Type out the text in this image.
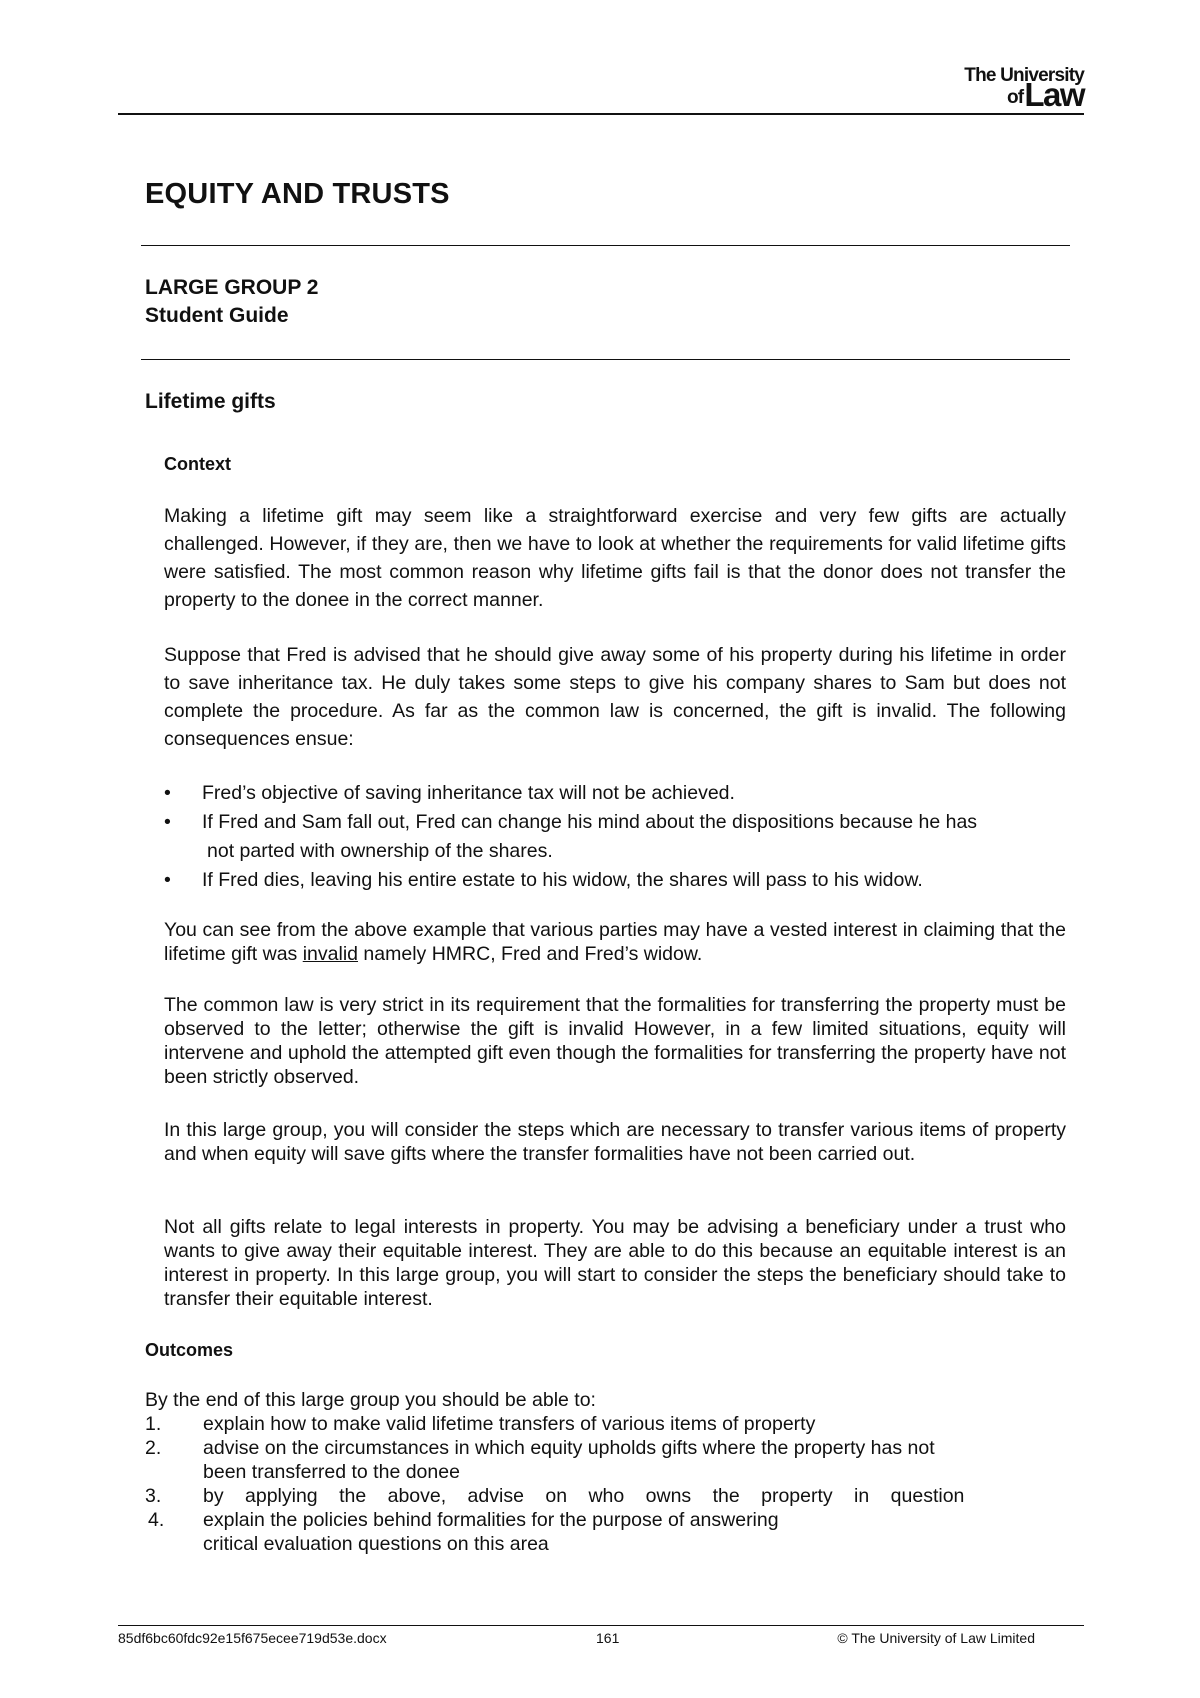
The University
of Law
EQUITY AND TRUSTS
LARGE GROUP 2
Student Guide
Lifetime gifts
Context

Making a lifetime gift may seem like a straightforward exercise and very few gifts are actually challenged. However, if they are, then we have to look at whether the requirements for valid lifetime gifts were satisfied. The most common reason why lifetime gifts fail is that the donor does not transfer the property to the donee in the correct manner.

Suppose that Fred is advised that he should give away some of his property during his lifetime in order to save inheritance tax. He duly takes some steps to give his company shares to Sam but does not complete the procedure. As far as the common law is concerned, the gift is invalid. The following consequences ensue:

• Fred’s objective of saving inheritance tax will not be achieved.
• If Fred and Sam fall out, Fred can change his mind about the dispositions because he has
not parted with ownership of the shares.
• If Fred dies, leaving his entire estate to his widow, the shares will pass to his widow.

You can see from the above example that various parties may have a vested interest in claiming that the lifetime gift was invalid namely HMRC, Fred and Fred’s widow.

The common law is very strict in its requirement that the formalities for transferring the property must be observed to the letter; otherwise the gift is invalid However, in a few limited situations, equity will intervene and uphold the attempted gift even though the formalities for transferring the property have not been strictly observed.

In this large group, you will consider the steps which are necessary to transfer various items of property and when equity will save gifts where the transfer formalities have not been carried out.

Not all gifts relate to legal interests in property. You may be advising a beneficiary under a trust who wants to give away their equitable interest. They are able to do this because an equitable interest is an interest in property. In this large group, you will start to consider the steps the beneficiary should take to transfer their equitable interest.

Outcomes
By the end of this large group you should be able to:
1.	explain how to make valid lifetime transfers of various items of property
2.	advise on the circumstances in which equity upholds gifts where the property has not
been transferred to the donee
3.	by applying the above, advise on who owns the property in question
4.	explain the policies behind formalities for the purpose of answering
critical evaluation questions on this area
85df6bc60fdc92e15f675ecee719d53e.docx	161	© The University of Law Limited
